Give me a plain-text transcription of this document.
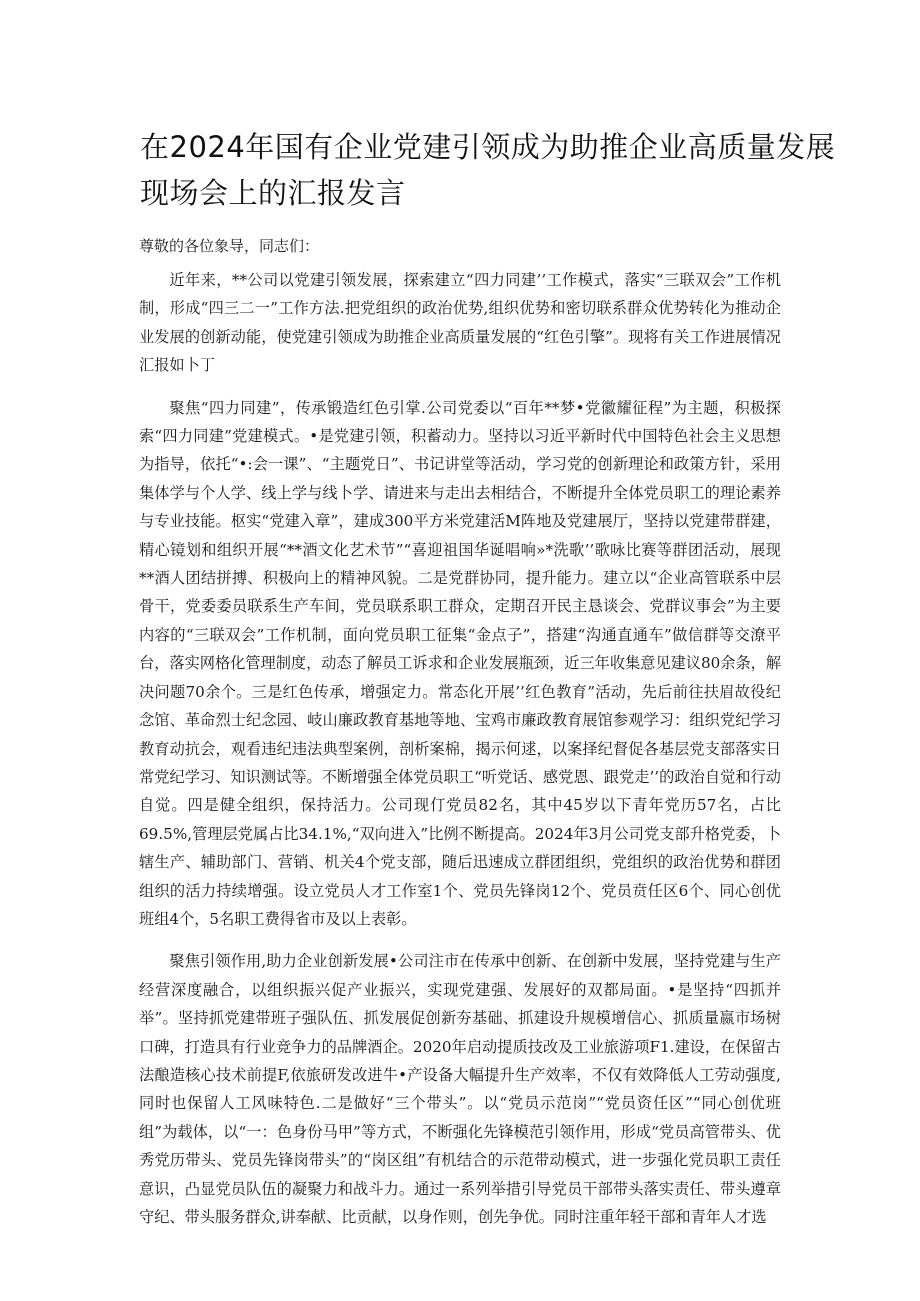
在2024年国有企业党建引领成为助推企业高质量发展
现场会上的汇报发言

尊敬的各位象导，同志们：

近年来，**公司以党建引领发展，探索建立“四力同建’’工作模式，落实“三联双会”工作机制，形成“四三二一”工作方法.把党组织的政治优势,组织优势和密切联系群众优势转化为推动企业发展的创新动能，使党建引领成为助推企业高质量发展的“红色引擎”。现将有关工作进展情况汇报如卜丁

聚焦“四力同建”，传承锻造红色引掌.公司党委以“百年**梦•党徽耀征程”为主题，积极探索“四力同建”党建模式。•是党建引领，积蓄动力。坚持以习近平新时代中国特色社会主义思想为指导，依托“•:会一课”、“主题党日”、书记讲堂等活动，学习党的创新理论和政策方针，采用集体学与个人学、线上学与线卜学、请进来与走出去相结合，不断提升全体党员职工的理论素养与专业技能。枢实“党建入章”，建成300平方米党建活M阵地及党建展厅，坚持以党建带群建，精心镜划和组织开展“**酒文化艺术节”“喜迎祖国华诞唱响»*洗歌’’歌咏比赛等群团活动，展现**酒人团结拼搏、积极向上的精神风貌。二是党群协同，提升能力。建立以“企业高管联系中层骨干，党委委员联系生产车间，党员联系职工群众，定期召开民主恳谈会、党群议事会”为主要内容的“三联双会”工作机制，面向党员职工征集“金点子”，搭建“沟通直通车”做信群等交潦平台，落实网格化管理制度，动态了解员工诉求和企业发展瓶颈，近三年收集意见建议80余条，解决问题70余个。三是红色传承，增强定力。常态化开展’’红色教育”活动，先后前往扶眉故役纪念馆、革命烈士纪念园、岐山廉政教育基地等地、宝鸡市廉政教育展馆参观学习：组织党纪学习教育动抗会，观看违纪违法典型案例，剖析案棉，揭示何逑，以案择纪督促各基层党支部落实日常党纪学习、知识测试等。不断增强全体党员职工“听党话、感党恩、跟党走’’的政治自觉和行动自觉。四是健全组织，保持活力。公司现仃党员82名，其中45岁以下青年党历57名，占比69.5%,管理层党属占比34.1%,“双向进入”比例不断提高。2024年3月公司党支部升格党委，卜辖生产、辅助部门、营销、机关4个党支部，随后迅速成立群团组织，党组织的政治优势和群团组织的活力持续增强。设立党员人才工作室1个、党员先锋岗12个、党员贲任区6个、同心创优班组4个，5名职工费得省市及以上表彰。

聚焦引领作用,助力企业创新发展•公司注市在传承中创新、在创新中发展，坚持党建与生产经营深度融合，以组织振兴促产业振兴，实现党建强、发展好的双都局面。•是坚持“四抓并举”。坚持抓党建带班子强队伍、抓发展促创新夯基础、抓建设升规模增信心、抓质量嬴市场树口碑，打造具有行业竞争力的品牌酒企。2020年启动提质技改及工业旅游项F1.建设，在保留古法酿造核心技术前提F,依旅研发改进牛•产设备大幅提升生产效率，不仅有效降低人工劳动强度,同时也保留人工风味特色.二是做好“三个带头”。以“党员示范岗”“党员资任区”“同心创优班组”为载体，以“一：色身份马甲”等方式，不断强化先锋模范引领作用，形成“党员高管带头、优秀党历带头、党员先锋岗带头”的“岗区组”有机结合的示范带动模式，进一步强化党员职工责任意识，凸显党员队伍的凝聚力和战斗力。通过一系列举措引导党员干部带头落实责任、带头遵章守纪、带头服务群众,讲奉献、比贡献，以身作则，创先争优。同时注重年轻干部和青年人才选
